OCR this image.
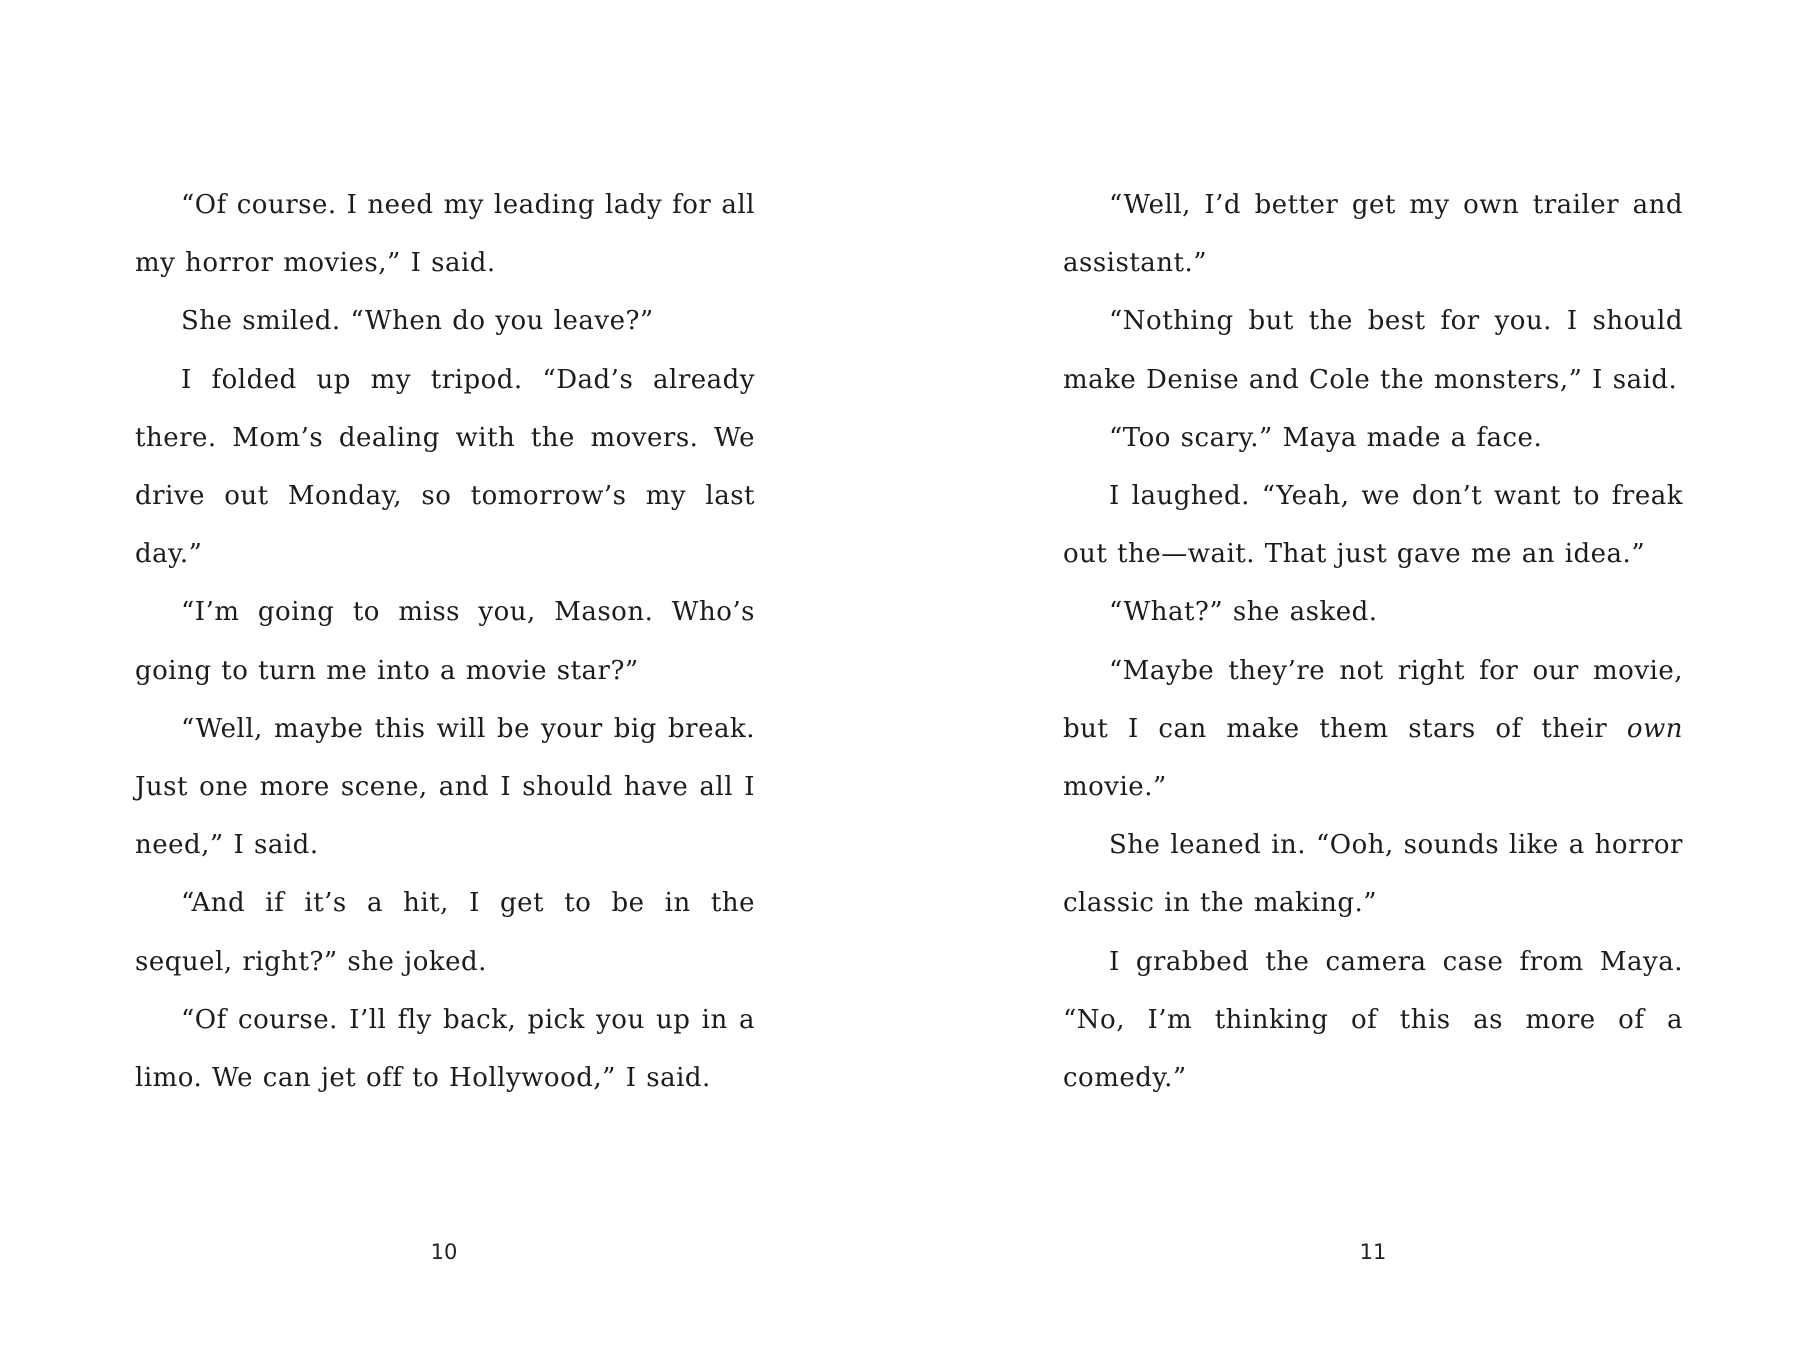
“Of course. I need my leading lady for all my horror movies,” I said.

She smiled. “When do you leave?”

I folded up my tripod. “Dad’s already there. Mom’s dealing with the movers. We drive out Monday, so tomorrow’s my last day.”

“I’m going to miss you, Mason. Who’s going to turn me into a movie star?”

“Well, maybe this will be your big break. Just one more scene, and I should have all I need,” I said.

“And if it’s a hit, I get to be in the sequel, right?” she joked.

“Of course. I’ll fly back, pick you up in a limo. We can jet off to Hollywood,” I said.

10

“Well, I’d better get my own trailer and assistant.”

“Nothing but the best for you. I should make Denise and Cole the monsters,” I said.

“Too scary.” Maya made a face.

I laughed. “Yeah, we don’t want to freak out the—wait. That just gave me an idea.”

“What?” she asked.

“Maybe they’re not right for our movie, but I can make them stars of their own movie.”

She leaned in. “Ooh, sounds like a horror classic in the making.”

I grabbed the camera case from Maya. “No, I’m thinking of this as more of a comedy.”

11
